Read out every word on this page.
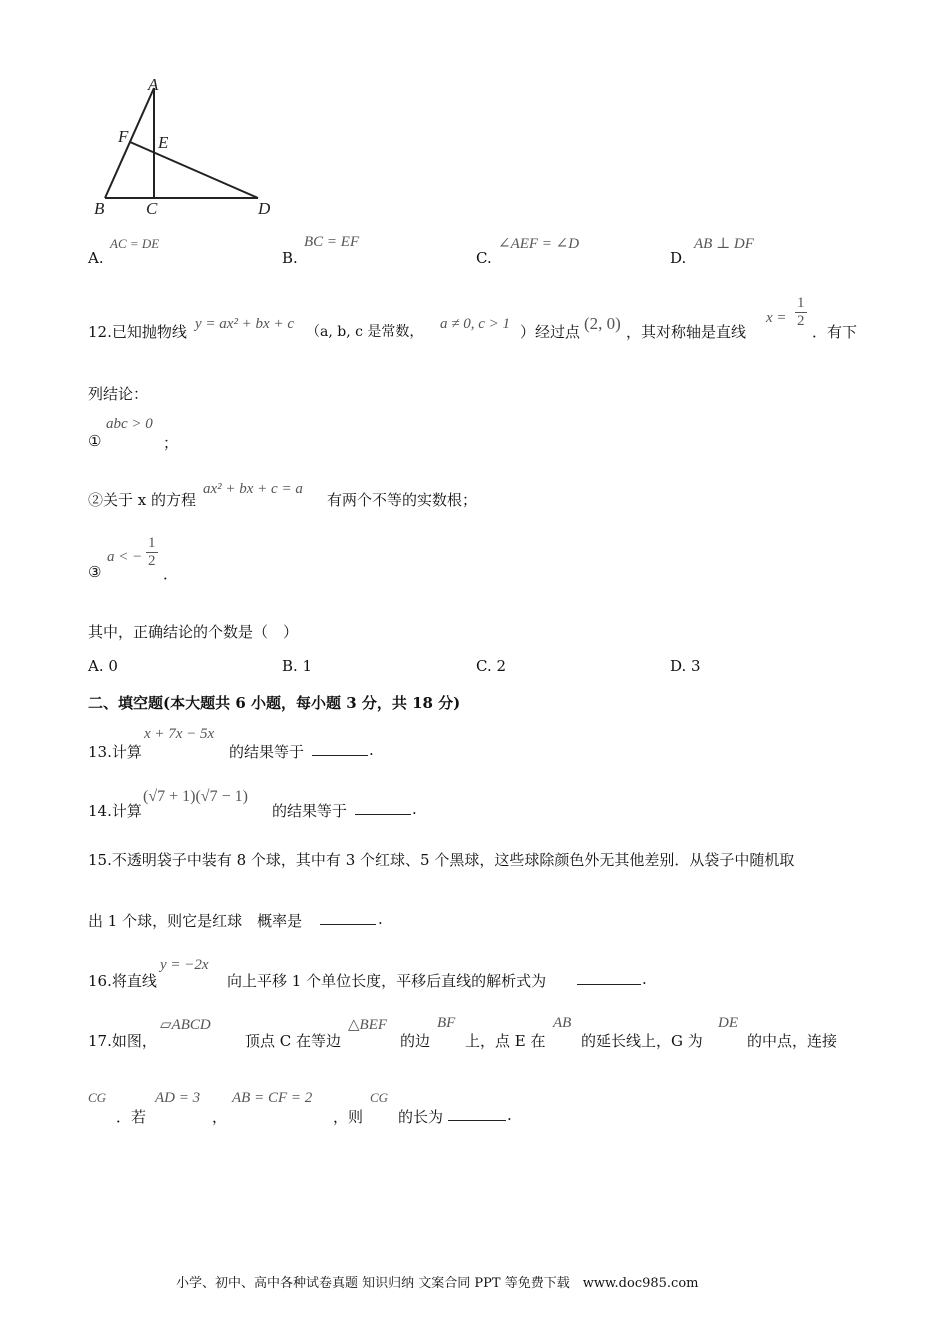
A
F E
B C	D
AC = DE
A.
BC = EF
B.
∠AEF = ∠D
C.
AB ⊥ DF
D.
12.已知抛物线 y = ax² + bx + c （a, b, c 是常数， a ≠ 0, c > 1 ）经过点 (2, 0) ，其对称轴是直线
$x = \frac{1}{2}$
．有下
列结论：
abc > 0
①	；
②关于 x 的方程
ax² + bx + c = a
有两个不等的实数根；
③
a < − $\frac{1}{2}$
．
其中，正确结论的个数是（　）
A. 0	B. 1	C. 2	D. 3
二、填空题(本大题共 6 小题，每小题 3 分，共 18 分)
13.计算
x + 7x − 5x
的结果等于	.
14.计算
(√7 + 1)(√7 − 1)
的结果等于	.
15.不透明袋子中装有 8 个球，其中有 3 个红球、5 个黑球，这些球除颜色外无其他差别．从袋子中随机取
出 1 个球，则它是红球　概率是	.
16.将直线
y = −2x
向上平移 1 个单位长度，平移后直线的解析式为	.
17.如图，
▱ABCD
顶点 C 在等边
△BEF
的边
BF
上，点 E 在
AB
的延长线上，G 为
DE
的中点，连接
CG
．若
AD = 3
，
AB = CF = 2
，则
CG
的长为	.
小学、初中、高中各种试卷真题 知识归纳 文案合同 PPT 等免费下载　www.doc985.com
